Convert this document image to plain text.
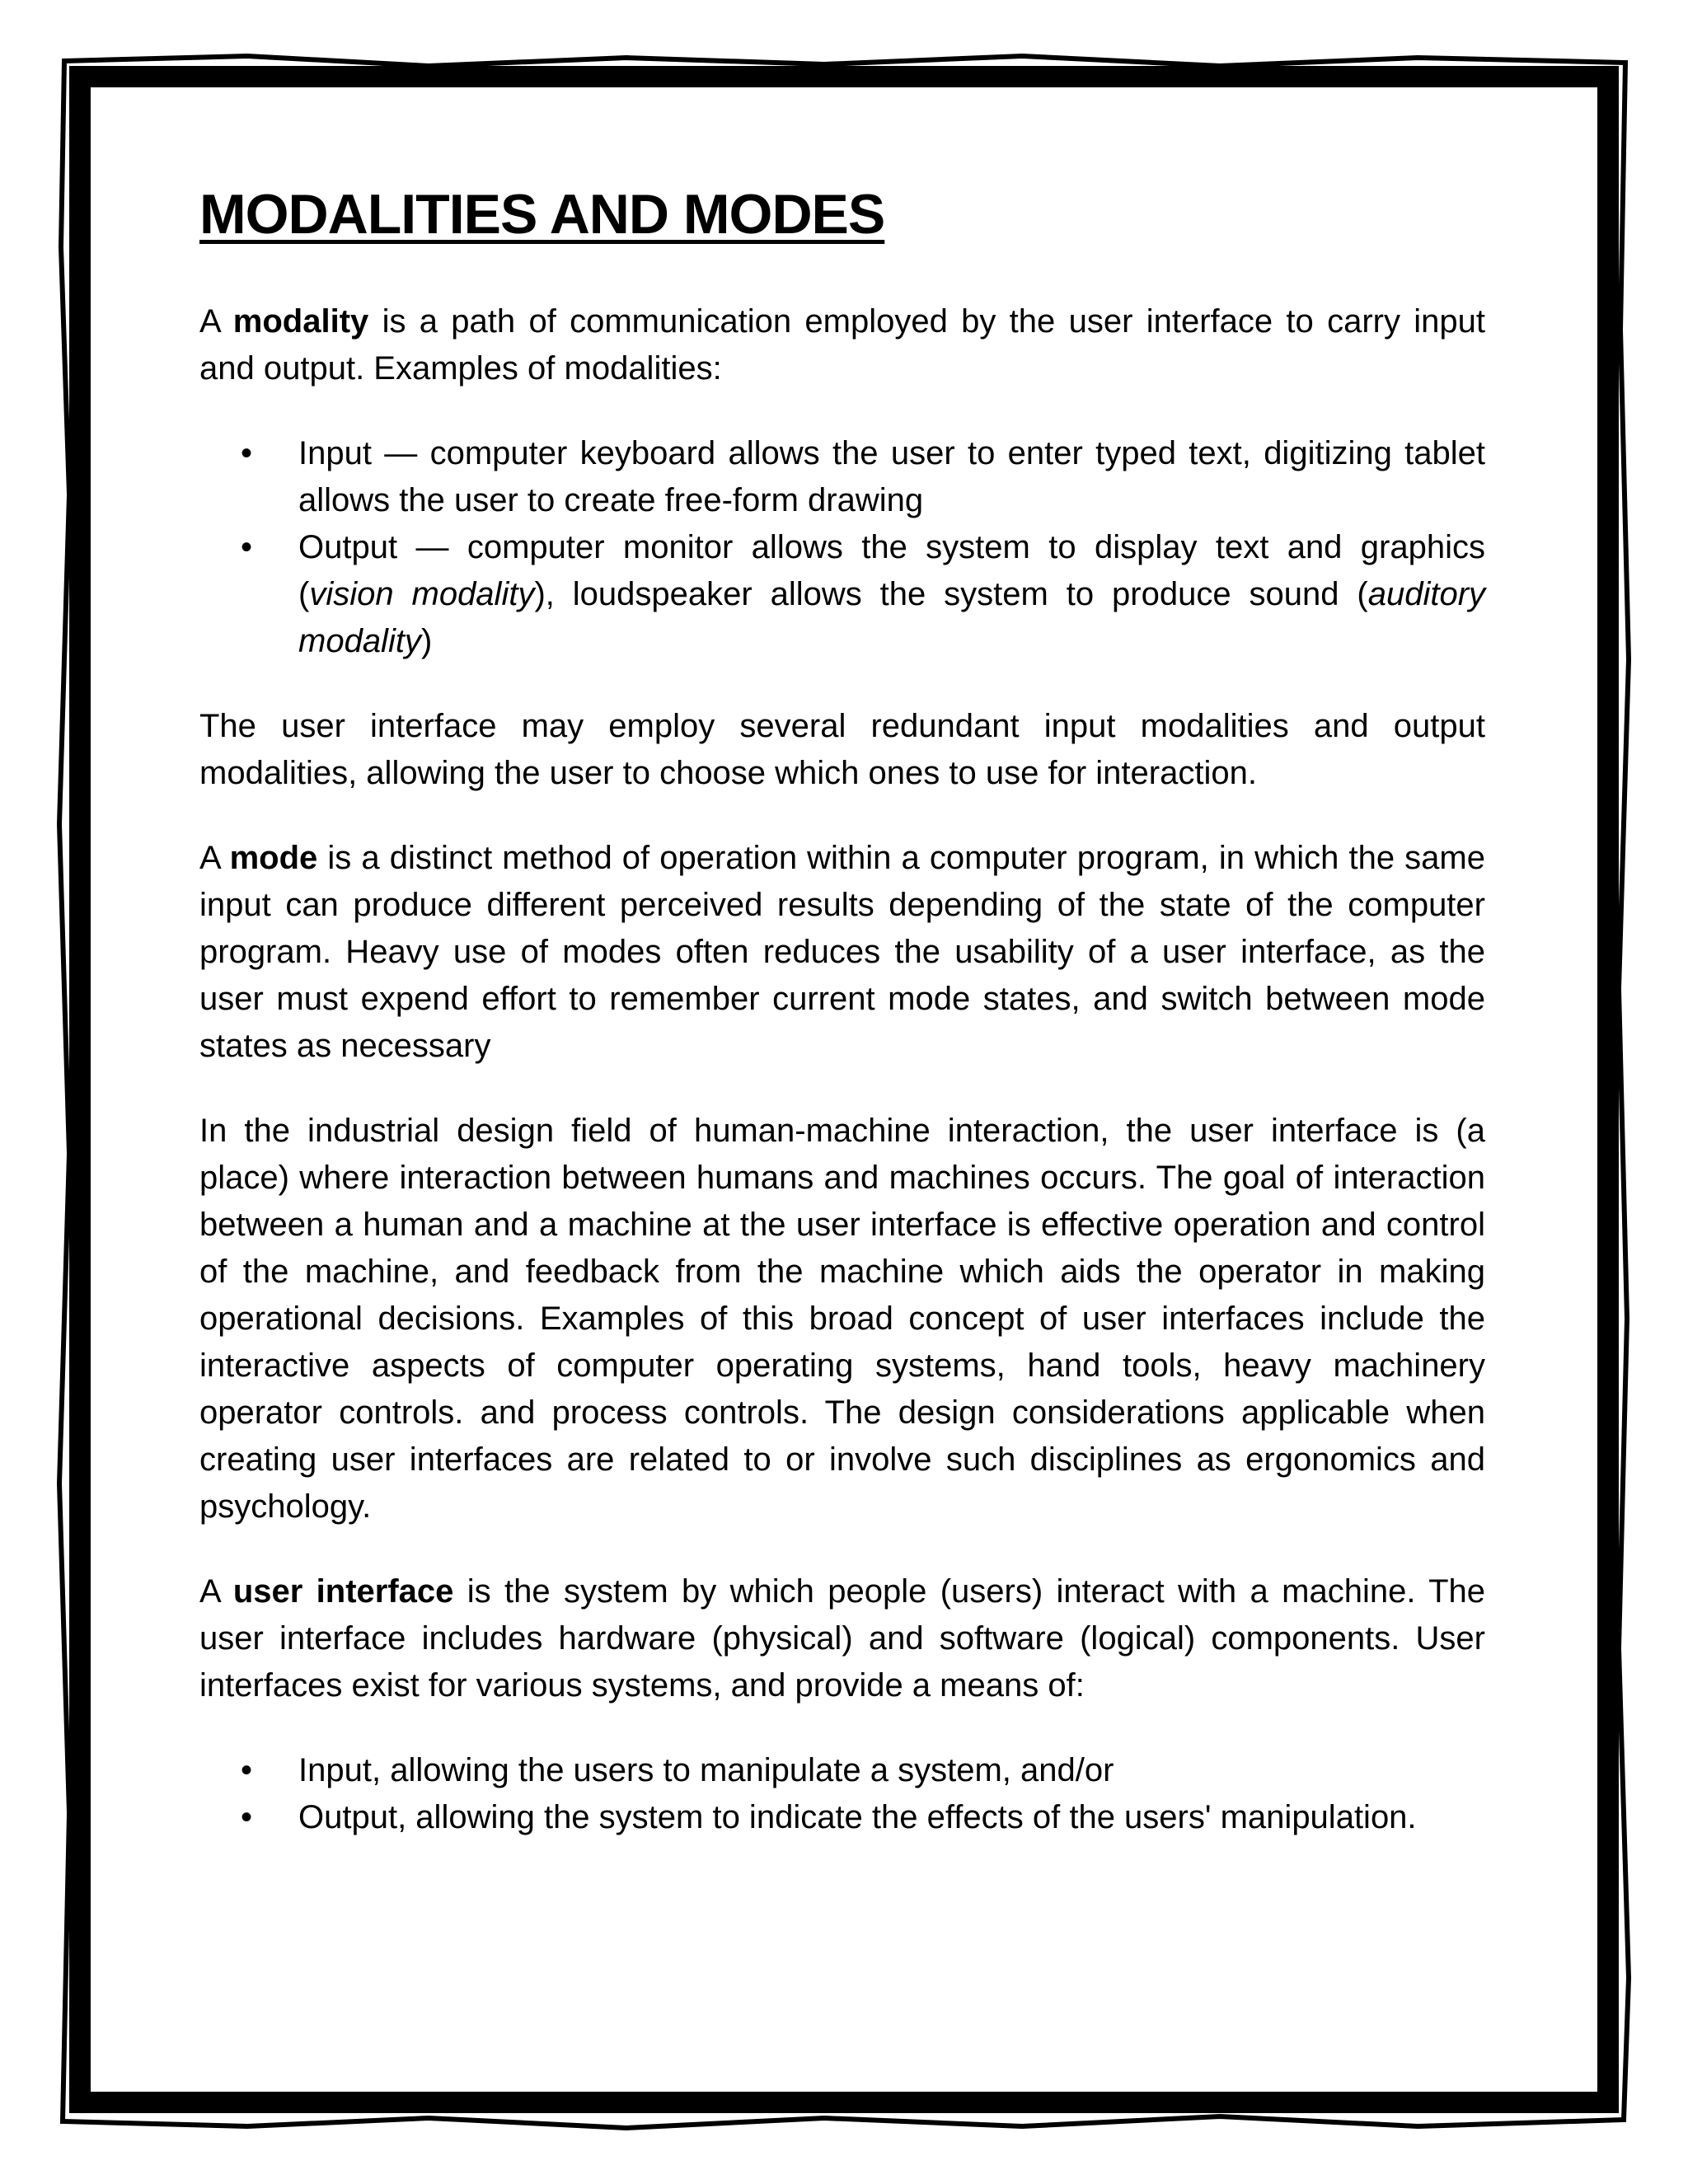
MODALITIES AND MODES

A modality is a path of communication employed by the user interface to carry input and output. Examples of modalities:

• Input — computer keyboard allows the user to enter typed text, digitizing tablet allows the user to create free-form drawing
• Output — computer monitor allows the system to display text and graphics (vision modality), loudspeaker allows the system to produce sound (auditory modality)

The user interface may employ several redundant input modalities and output modalities, allowing the user to choose which ones to use for interaction.

A mode is a distinct method of operation within a computer program, in which the same input can produce different perceived results depending of the state of the computer program. Heavy use of modes often reduces the usability of a user interface, as the user must expend effort to remember current mode states, and switch between mode states as necessary

In the industrial design field of human-machine interaction, the user interface is (a place) where interaction between humans and machines occurs. The goal of interaction between a human and a machine at the user interface is effective operation and control of the machine, and feedback from the machine which aids the operator in making operational decisions. Examples of this broad concept of user interfaces include the interactive aspects of computer operating systems, hand tools, heavy machinery operator controls. and process controls. The design considerations applicable when creating user interfaces are related to or involve such disciplines as ergonomics and psychology.

A user interface is the system by which people (users) interact with a machine. The user interface includes hardware (physical) and software (logical) components. User interfaces exist for various systems, and provide a means of:

• Input, allowing the users to manipulate a system, and/or
• Output, allowing the system to indicate the effects of the users' manipulation.
